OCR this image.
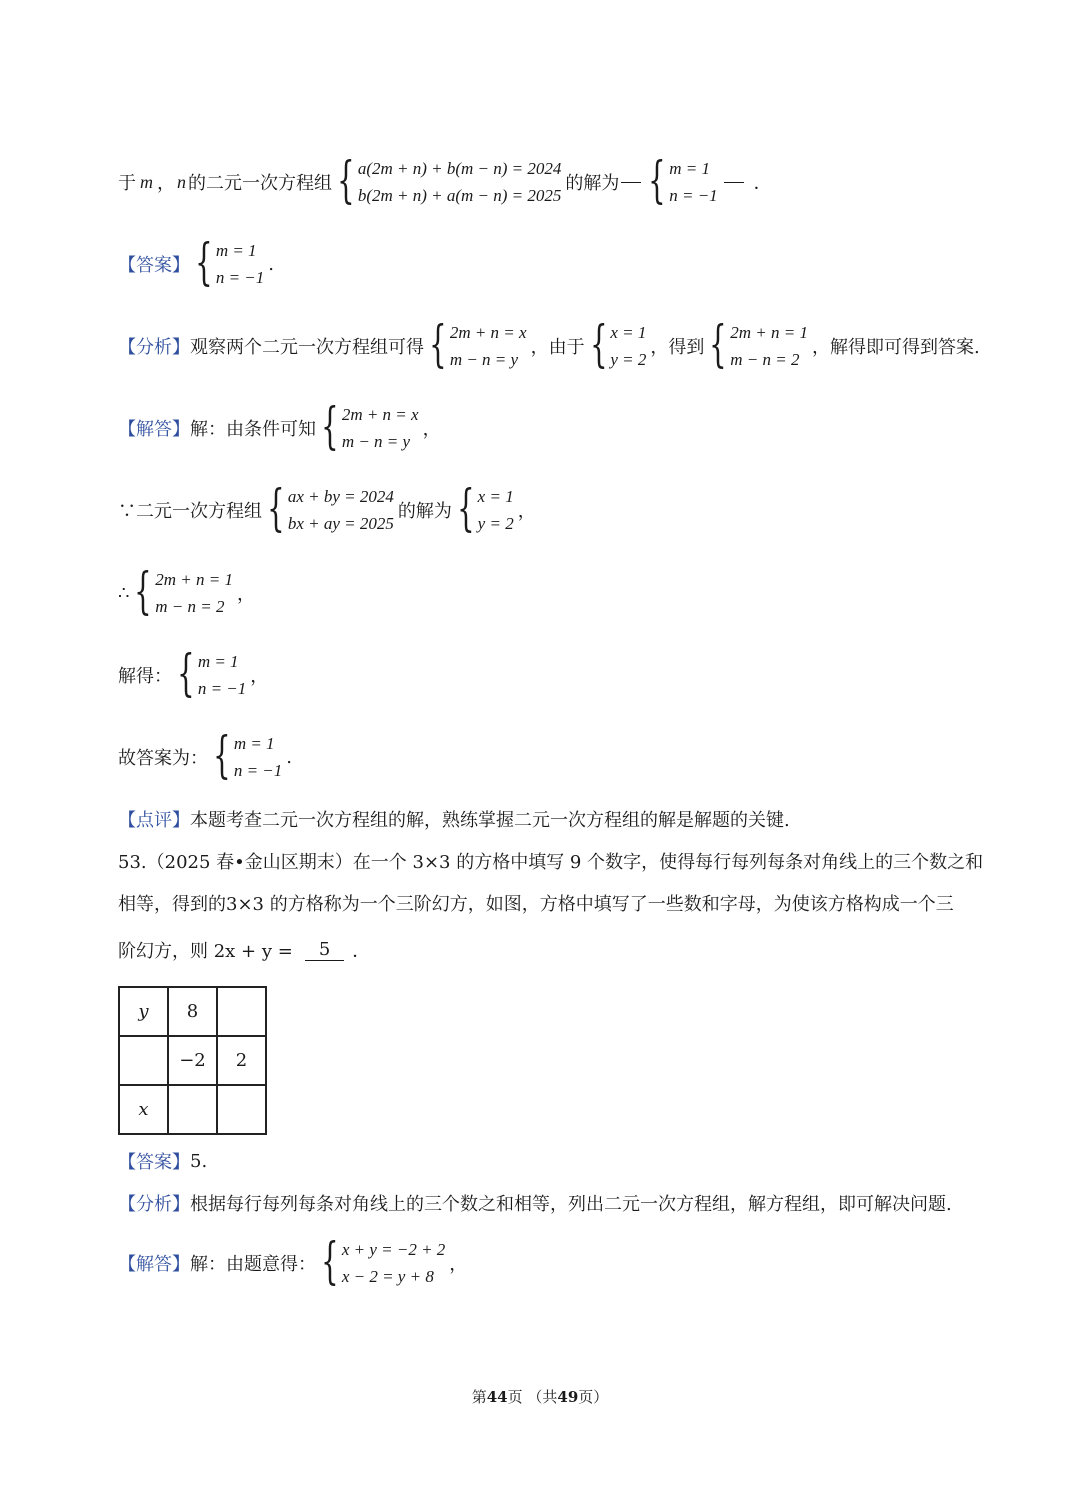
于 m ， n 的二元一次方程组 { a(2m + n) + b(m − n) = 2024
b(2m + n) + a(m − n) = 2025
的解为 { m = 1
n = −1
．
【答案】 { m = 1
n = −1
.
【分析】 观察两个二元一次方程组可得 { 2m + n = x
m − n = y
，由于 { x = 1
y = 2
，得到 { 2m + n = 1
m − n = 2
，解得即可得到答案.
【解答】 解：由条件可知 { 2m + n = x
m − n = y
，
∵二元一次方程组 { ax + by = 2024
bx + ay = 2025
的解为 { x = 1
y = 2
，
∴ { 2m + n = 1
m − n = 2
，
解得： { m = 1
n = −1
，
故答案为： { m = 1
n = −1
.
【点评】 本题考查二元一次方程组的解，熟练掌握二元一次方程组的解是解题的关键.
53.（2025 春•金山区期末）在一个 3×3 的方格中填写 9 个数字，使得每行每列每条对角线上的三个数之和
相等，得到的3×3 的方格称为一个三阶幻方，如图，方格中填写了一些数和字母，为使该方格构成一个三
阶幻方，则 2x + y =	5	．
y	8	
	−2	2
x		
【答案】 5.
【分析】 根据每行每列每条对角线上的三个数之和相等，列出二元一次方程组，解方程组，即可解决问题.
【解答】 解：由题意得： { x + y = −2 + 2
x − 2 = y + 8
，
第44页 （共49页）
